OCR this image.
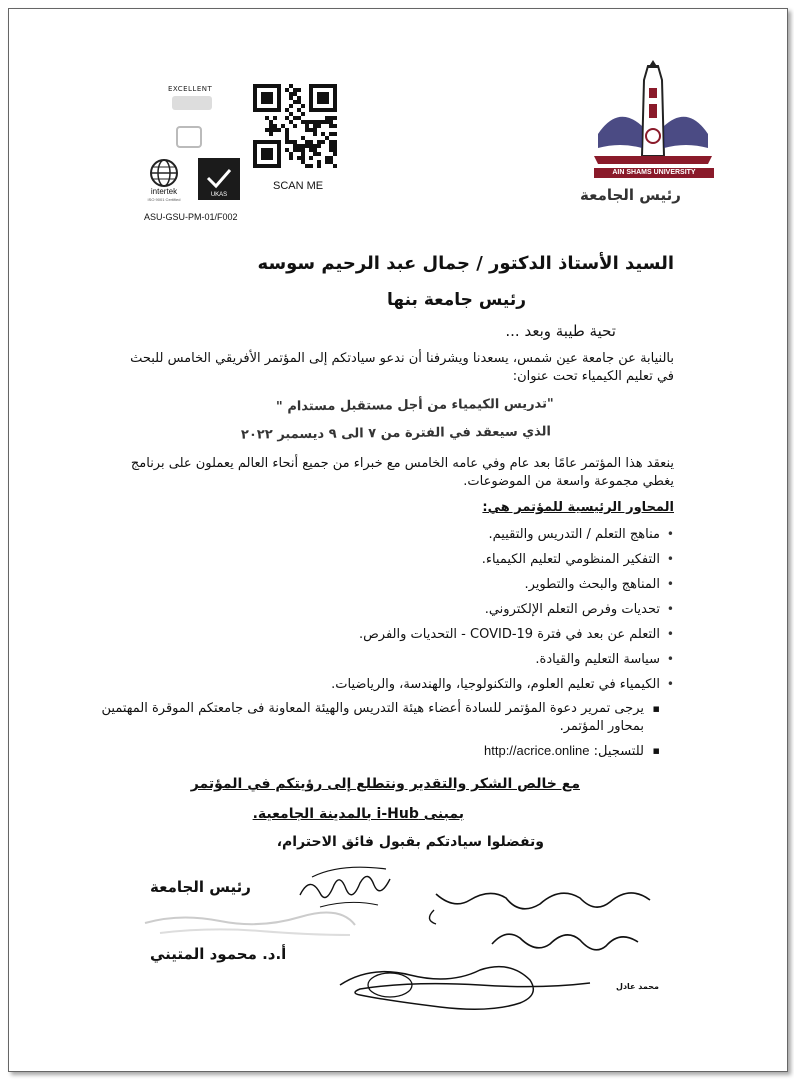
EXCELLENT
intertek
ISO 9001 Certified
UKAS
ASU-GSU-PM-01/F002
SCAN ME
AIN SHAMS UNIVERSITY
رئيس الجامعة
السيد الأستاذ الدكتور / جمال عبد الرحيم سوسه
رئيس جامعة بنها
تحية طيبة وبعد ...
بالنيابة عن جامعة عين شمس، يسعدنا ويشرفنا أن ندعو سيادتكم إلى المؤتمر الأفريقي الخامس للبحث في تعليم الكيمياء تحت عنوان:
"تدريس الكيمياء من أجل مستقبل مستدام "
الذي سيعقد في الفترة من ٧ الى ٩ ديسمبر ٢٠٢٢
ينعقد هذا المؤتمر عامًا بعد عام وفي عامه الخامس مع خبراء من جميع أنحاء العالم يعملون على برنامج يغطي مجموعة واسعة من الموضوعات.
المحاور الرئيسية للمؤتمر هي:
• مناهج التعلم / التدريس والتقييم.
• التفكير المنظومي لتعليم الكيمياء.
• المناهج والبحث والتطوير.
• تحديات وفرص التعلم الإلكتروني.
• التعلم عن بعد في فترة COVID-19 - التحديات والفرص.
• سياسة التعليم والقيادة.
• الكيمياء في تعليم العلوم، والتكنولوجيا، والهندسة، والرياضيات.
▪ يرجى تمرير دعوة المؤتمر للسادة أعضاء هيئة التدريس والهيئة المعاونة فى جامعتكم الموقرة المهتمين بمحاور المؤتمر.
▪ للتسجيل: http://acrice.online
مع خالص الشكر والتقدير ونتطلع إلى رؤيتكم في المؤتمر
بمبنى i-Hub بالمدينة الجامعية.
وتفضلوا سيادتكم بقبول فائق الاحترام،
رئيس الجامعة
أ.د. محمود المتيني
محمد عادل
